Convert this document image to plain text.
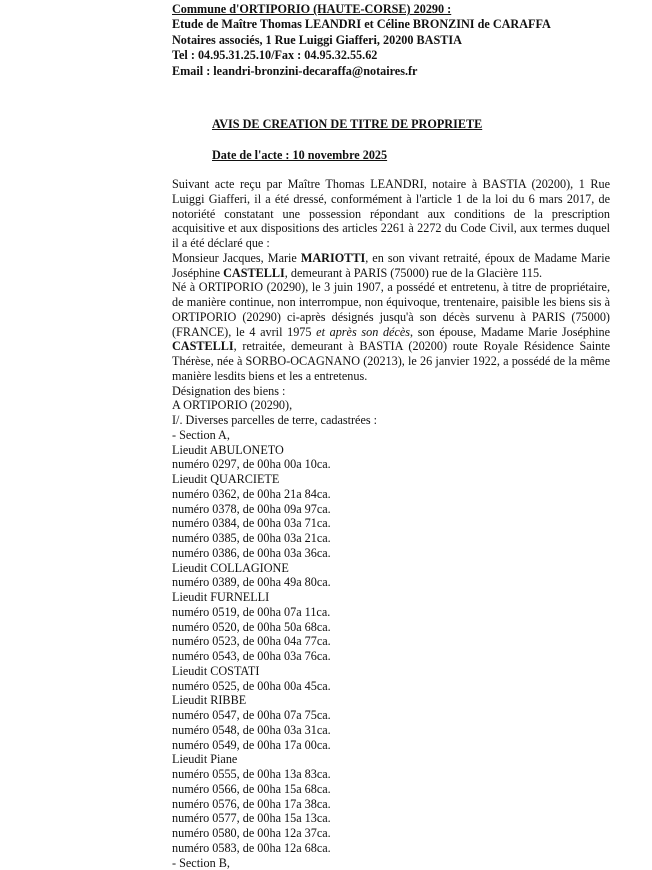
Commune d'ORTIPORIO (HAUTE-CORSE) 20290 :
Etude de Maître Thomas LEANDRI et Céline BRONZINI de CARAFFA
Notaires associés, 1 Rue Luiggi Giafferi, 20200 BASTIA
Tel : 04.95.31.25.10/Fax : 04.95.32.55.62
Email : leandri-bronzini-decaraffa@notaires.fr
AVIS DE CREATION DE TITRE DE PROPRIETE
Date de l'acte : 10 novembre 2025

Suivant acte reçu par Maître Thomas LEANDRI, notaire à BASTIA (20200), 1 Rue Luiggi Giafferi, il a été dressé, conformément à l'article 1 de la loi du 6 mars 2017, de notoriété constatant une possession répondant aux conditions de la prescription acquisitive et aux dispositions des articles 2261 à 2272 du Code Civil, aux termes duquel il a été déclaré que :

Monsieur Jacques, Marie MARIOTTI, en son vivant retraité, époux de Madame Marie Joséphine CASTELLI, demeurant à PARIS (75000) rue de la Glacière 115.

Né à ORTIPORIO (20290), le 3 juin 1907, a possédé et entretenu, à titre de propriétaire, de manière continue, non interrompue, non équivoque, trentenaire, paisible les biens sis à ORTIPORIO (20290) ci-après désignés jusqu'à son décès survenu à PARIS (75000) (FRANCE), le 4 avril 1975 et après son décès, son épouse, Madame Marie Joséphine CASTELLI, retraitée, demeurant à BASTIA (20200) route Royale Résidence Sainte Thérèse, née à SORBO-OCAGNANO (20213), le 26 janvier 1922, a possédé de la même manière lesdits biens et les a entretenus.

Désignation des biens :
A ORTIPORIO (20290),
I/. Diverses parcelles de terre, cadastrées :
- Section A,
Lieudit ABULONETO
numéro 0297, de 00ha 00a 10ca.
Lieudit QUARCIETE
numéro 0362, de 00ha 21a 84ca.
numéro 0378, de 00ha 09a 97ca.
numéro 0384, de 00ha 03a 71ca.
numéro 0385, de 00ha 03a 21ca.
numéro 0386, de 00ha 03a 36ca.
Lieudit COLLAGIONE
numéro 0389, de 00ha 49a 80ca.
Lieudit FURNELLI
numéro 0519, de 00ha 07a 11ca.
numéro 0520, de 00ha 50a 68ca.
numéro 0523, de 00ha 04a 77ca.
numéro 0543, de 00ha 03a 76ca.
Lieudit COSTATI
numéro 0525, de 00ha 00a 45ca.
Lieudit RIBBE
numéro 0547, de 00ha 07a 75ca.
numéro 0548, de 00ha 03a 31ca.
numéro 0549, de 00ha 17a 00ca.
Lieudit Piane
numéro 0555, de 00ha 13a 83ca.
numéro 0566, de 00ha 15a 68ca.
numéro 0576, de 00ha 17a 38ca.
numéro 0577, de 00ha 15a 13ca.
numéro 0580, de 00ha 12a 37ca.
numéro 0583, de 00ha 12a 68ca.
- Section B,
